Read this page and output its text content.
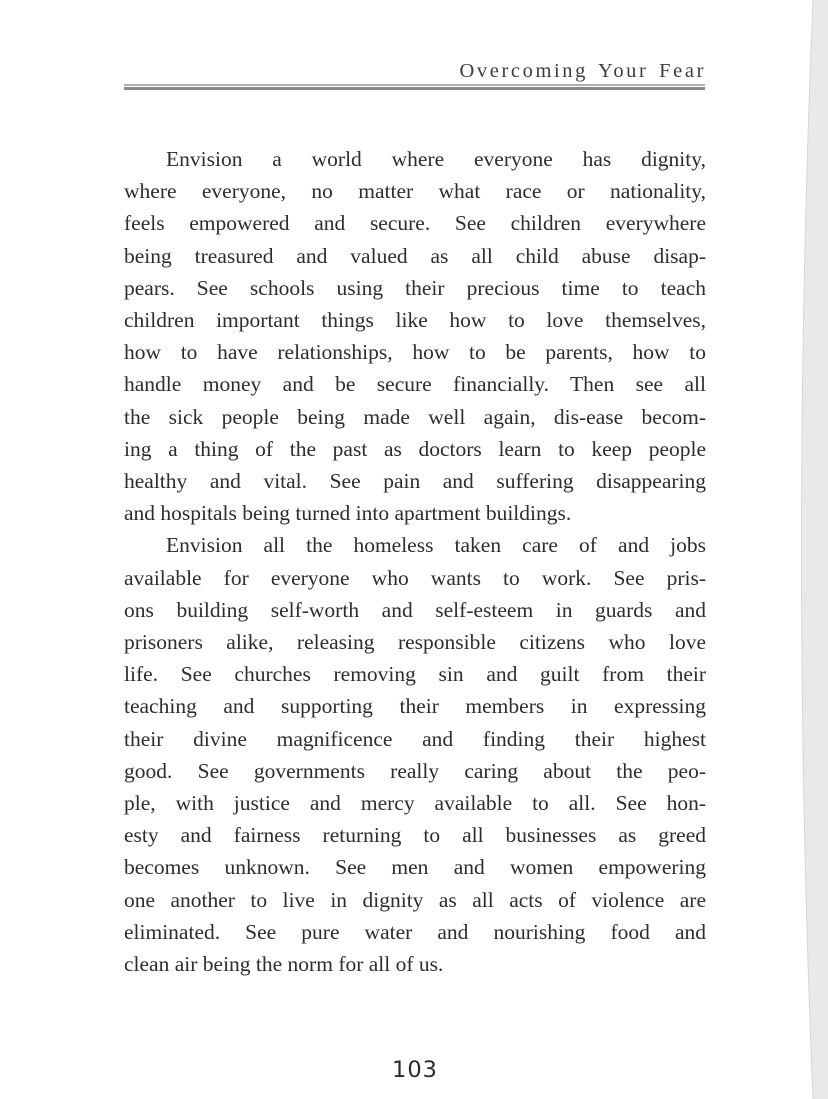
Overcoming Your Fear
Envision a world where everyone has dignity,
where everyone, no matter what race or nationality,
feels empowered and secure. See children everywhere
being treasured and valued as all child abuse disap-
pears. See schools using their precious time to teach
children important things like how to love themselves,
how to have relationships, how to be parents, how to
handle money and be secure financially. Then see all
the sick people being made well again, dis-ease becom-
ing a thing of the past as doctors learn to keep people
healthy and vital. See pain and suffering disappearing
and hospitals being turned into apartment buildings.
Envision all the homeless taken care of and jobs
available for everyone who wants to work. See pris-
ons building self-worth and self-esteem in guards and
prisoners alike, releasing responsible citizens who love
life. See churches removing sin and guilt from their
teaching and supporting their members in expressing
their divine magnificence and finding their highest
good. See governments really caring about the peo-
ple, with justice and mercy available to all. See hon-
esty and fairness returning to all businesses as greed
becomes unknown. See men and women empowering
one another to live in dignity as all acts of violence are
eliminated. See pure water and nourishing food and
clean air being the norm for all of us.
103
